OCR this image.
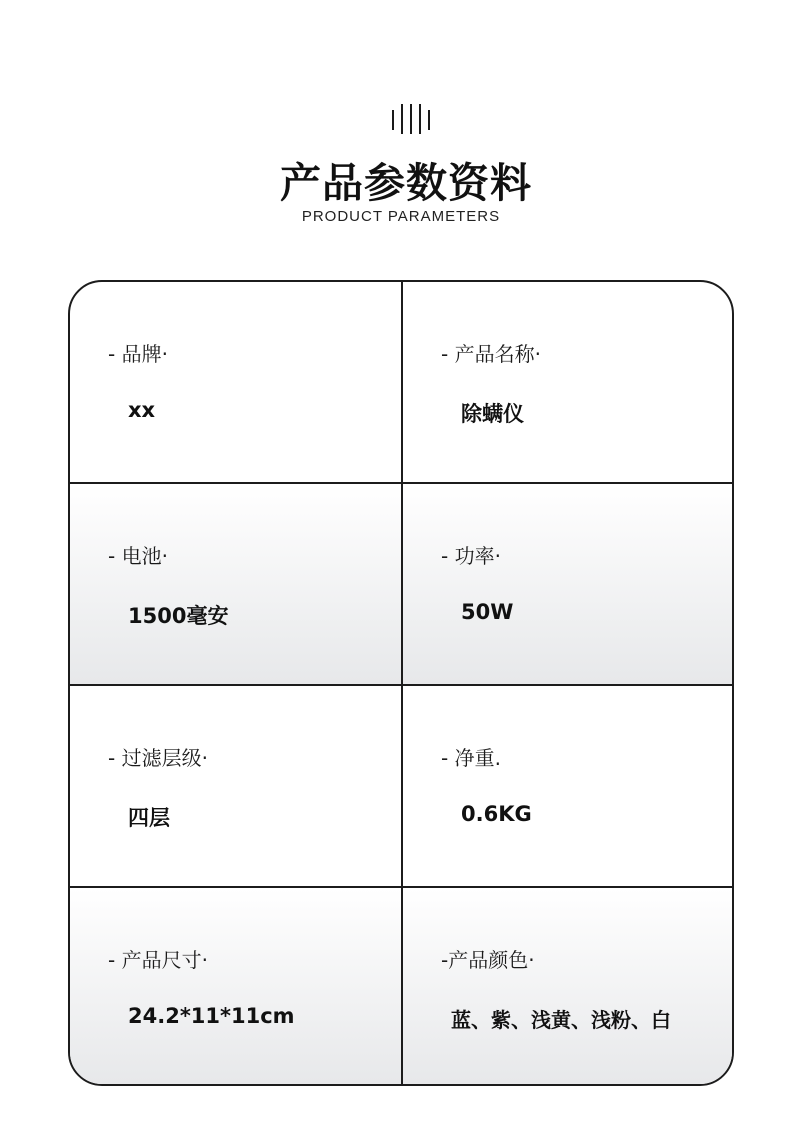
产品参数资料
PRODUCT PARAMETERS
- 品牌·
xx
- 产品名称·
除螨仪
- 电池·
1500毫安
- 功率·
50W
- 过滤层级·
四层
- 净重.
0.6KG
- 产品尺寸·
24.2*11*11cm
-产品颜色·
蓝、紫、浅黄、浅粉、白
